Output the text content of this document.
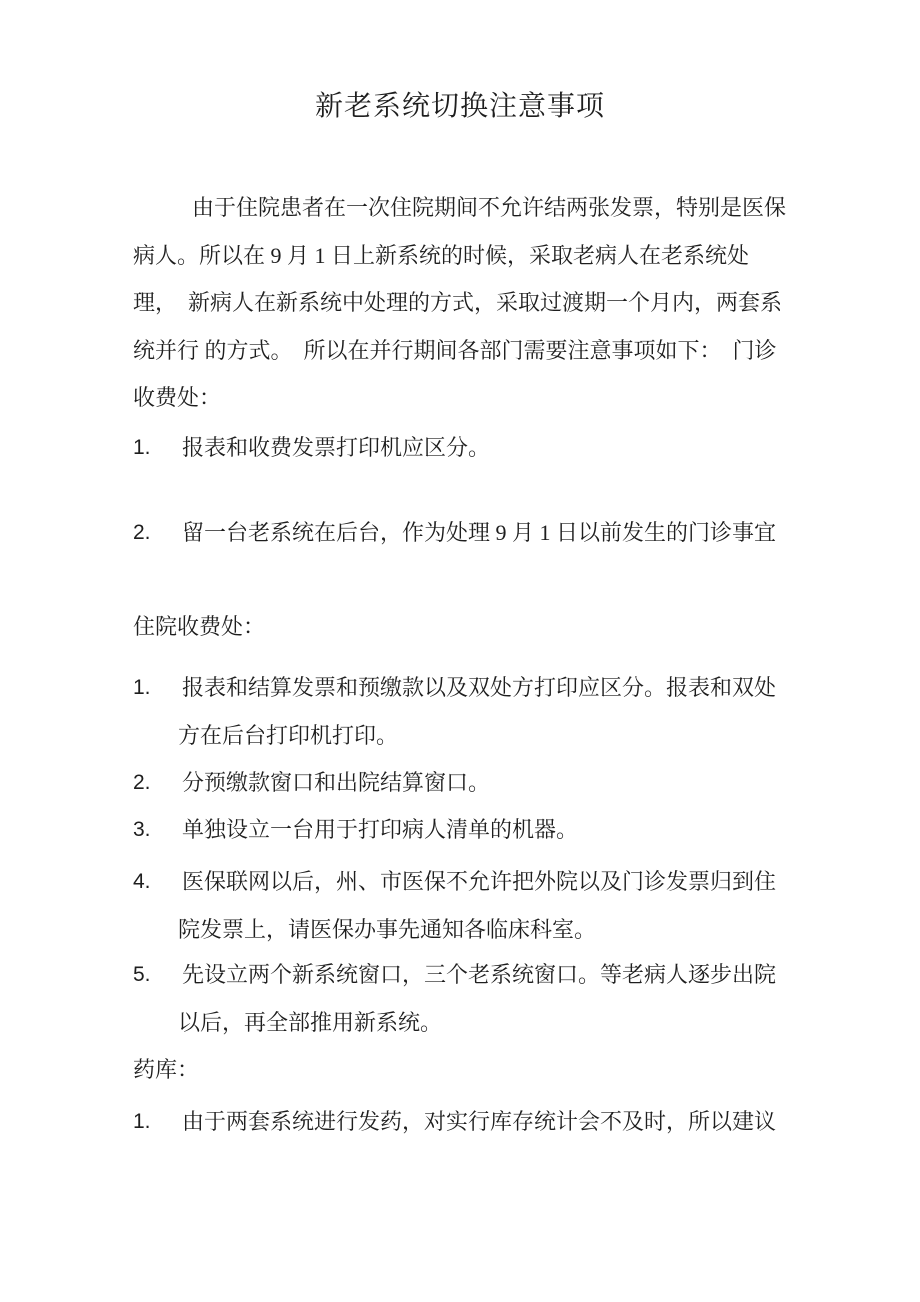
新老系统切换注意事项
由于住院患者在一次住院期间不允许结两张发票，特别是医保
病人。所以在 9 月 1 日上新系统的时候，采取老病人在老系统处
理，  新病人在新系统中处理的方式，采取过渡期一个月内，两套系
统并行 的方式。  所以在并行期间各部门需要注意事项如下：  门诊
收费处：
1. 报表和收费发票打印机应区分。
2. 留一台老系统在后台，作为处理 9 月 1 日以前发生的门诊事宜
住院收费处：
1. 报表和结算发票和预缴款以及双处方打印应区分。报表和双处
方在后台打印机打印。
2. 分预缴款窗口和出院结算窗口。
3. 单独设立一台用于打印病人清单的机器。
4. 医保联网以后，州、市医保不允许把外院以及门诊发票归到住
院发票上，请医保办事先通知各临床科室。
5. 先设立两个新系统窗口，三个老系统窗口。等老病人逐步出院
以后，再全部推用新系统。
药库：
1. 由于两套系统进行发药，对实行库存统计会不及时，所以建议
